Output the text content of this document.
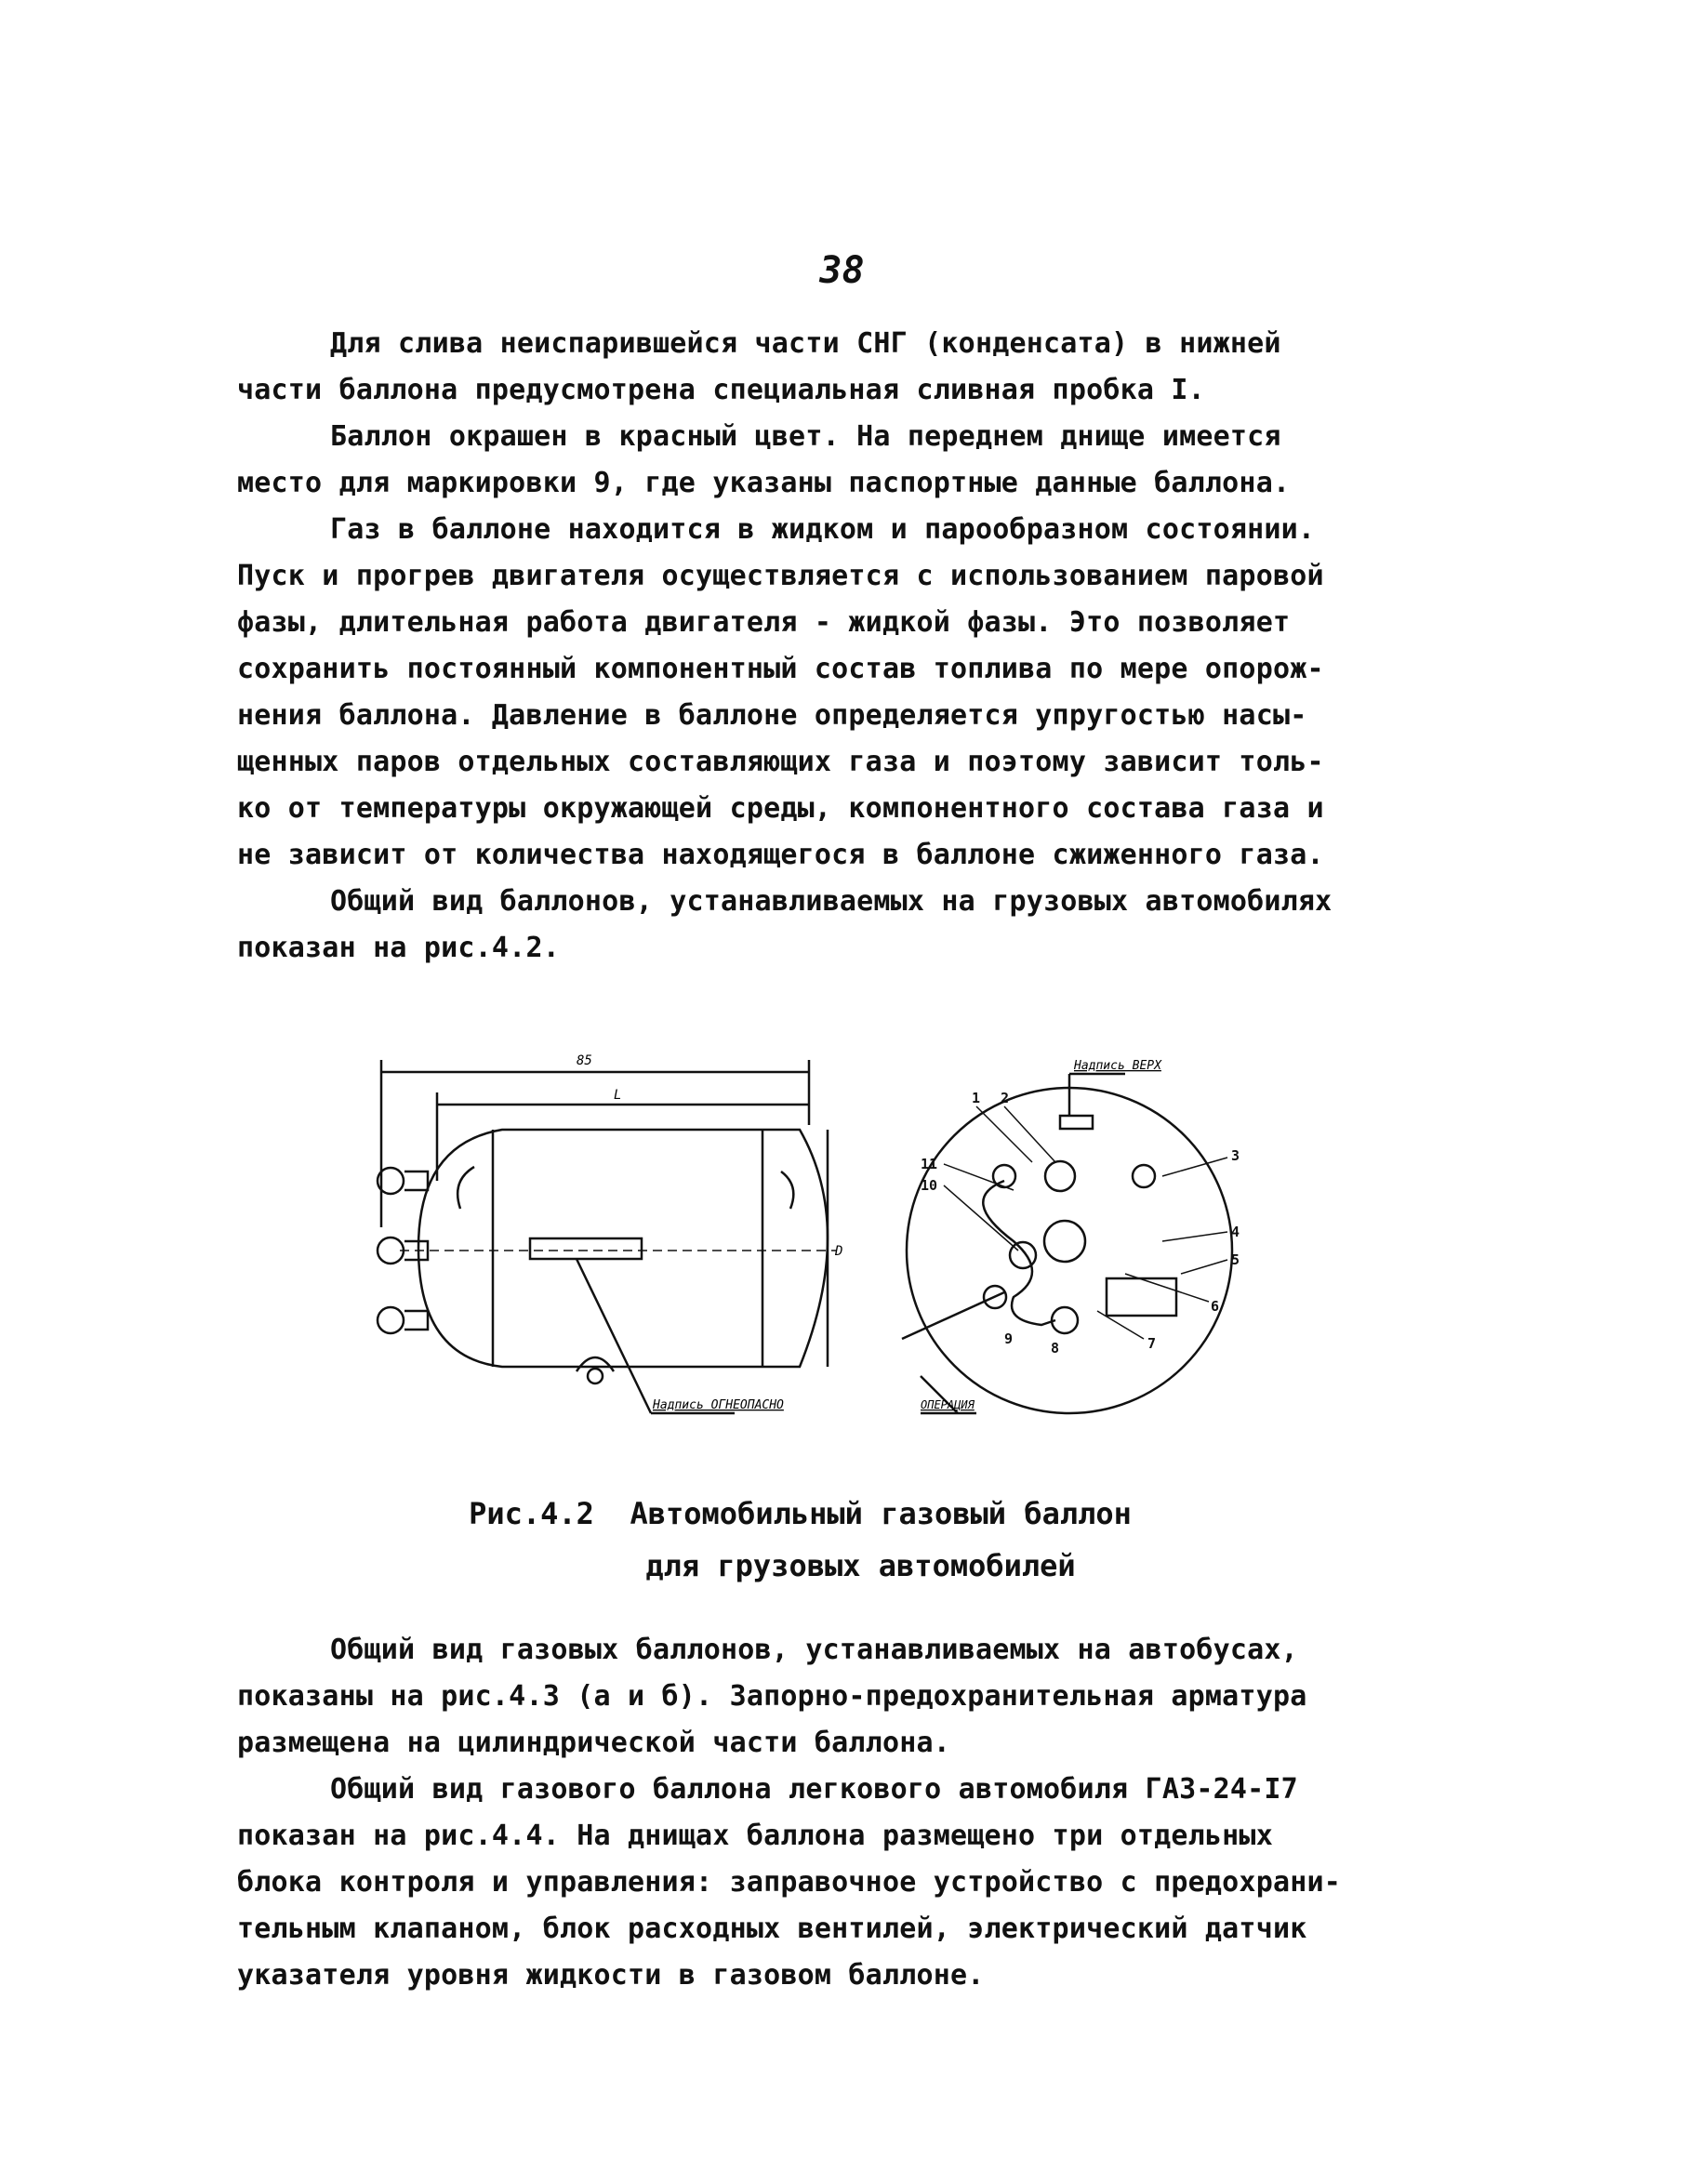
38
Для слива неиспарившейся части СНГ (конденсата) в нижней
части баллона предусмотрена специальная сливная пробка I.
Баллон окрашен в красный цвет. На переднем днище имеется
место для маркировки 9, где указаны паспортные данные баллона.
Газ в баллоне находится в жидком и парообразном состоянии.
Пуск и прогрев двигателя осуществляется с использованием паровой
фазы, длительная работа двигателя - жидкой фазы. Это позволяет
сохранить постоянный компонентный состав топлива по мере опорож-
нения баллона. Давление в баллоне определяется упругостью насы-
щенных паров отдельных составляющих газа и поэтому зависит толь-
ко от температуры окружающей среды, компонентного состава газа и
не зависит от количества находящегося в баллоне сжиженного газа.
Общий вид баллонов, устанавливаемых на грузовых автомобилях
показан на рис.4.2.
85
L
D
Надпись ОГНЕОПАСНО
Надпись ВЕРХ
ОПЕРАЦИЯ
1 2
3
4
5
6
7
8
9
10
11
Рис.4.2  Автомобильный газовый баллон
для грузовых автомобилей
Общий вид газовых баллонов, устанавливаемых на автобусах,
показаны на рис.4.3 (а и б). Запорно-предохранительная арматура
размещена на цилиндрической части баллона.
Общий вид газового баллона легкового автомобиля ГАЗ-24-I7
показан на рис.4.4. На днищах баллона размещено три отдельных
блока контроля и управления: заправочное устройство с предохрани-
тельным клапаном, блок расходных вентилей, электрический датчик
указателя уровня жидкости в газовом баллоне.
